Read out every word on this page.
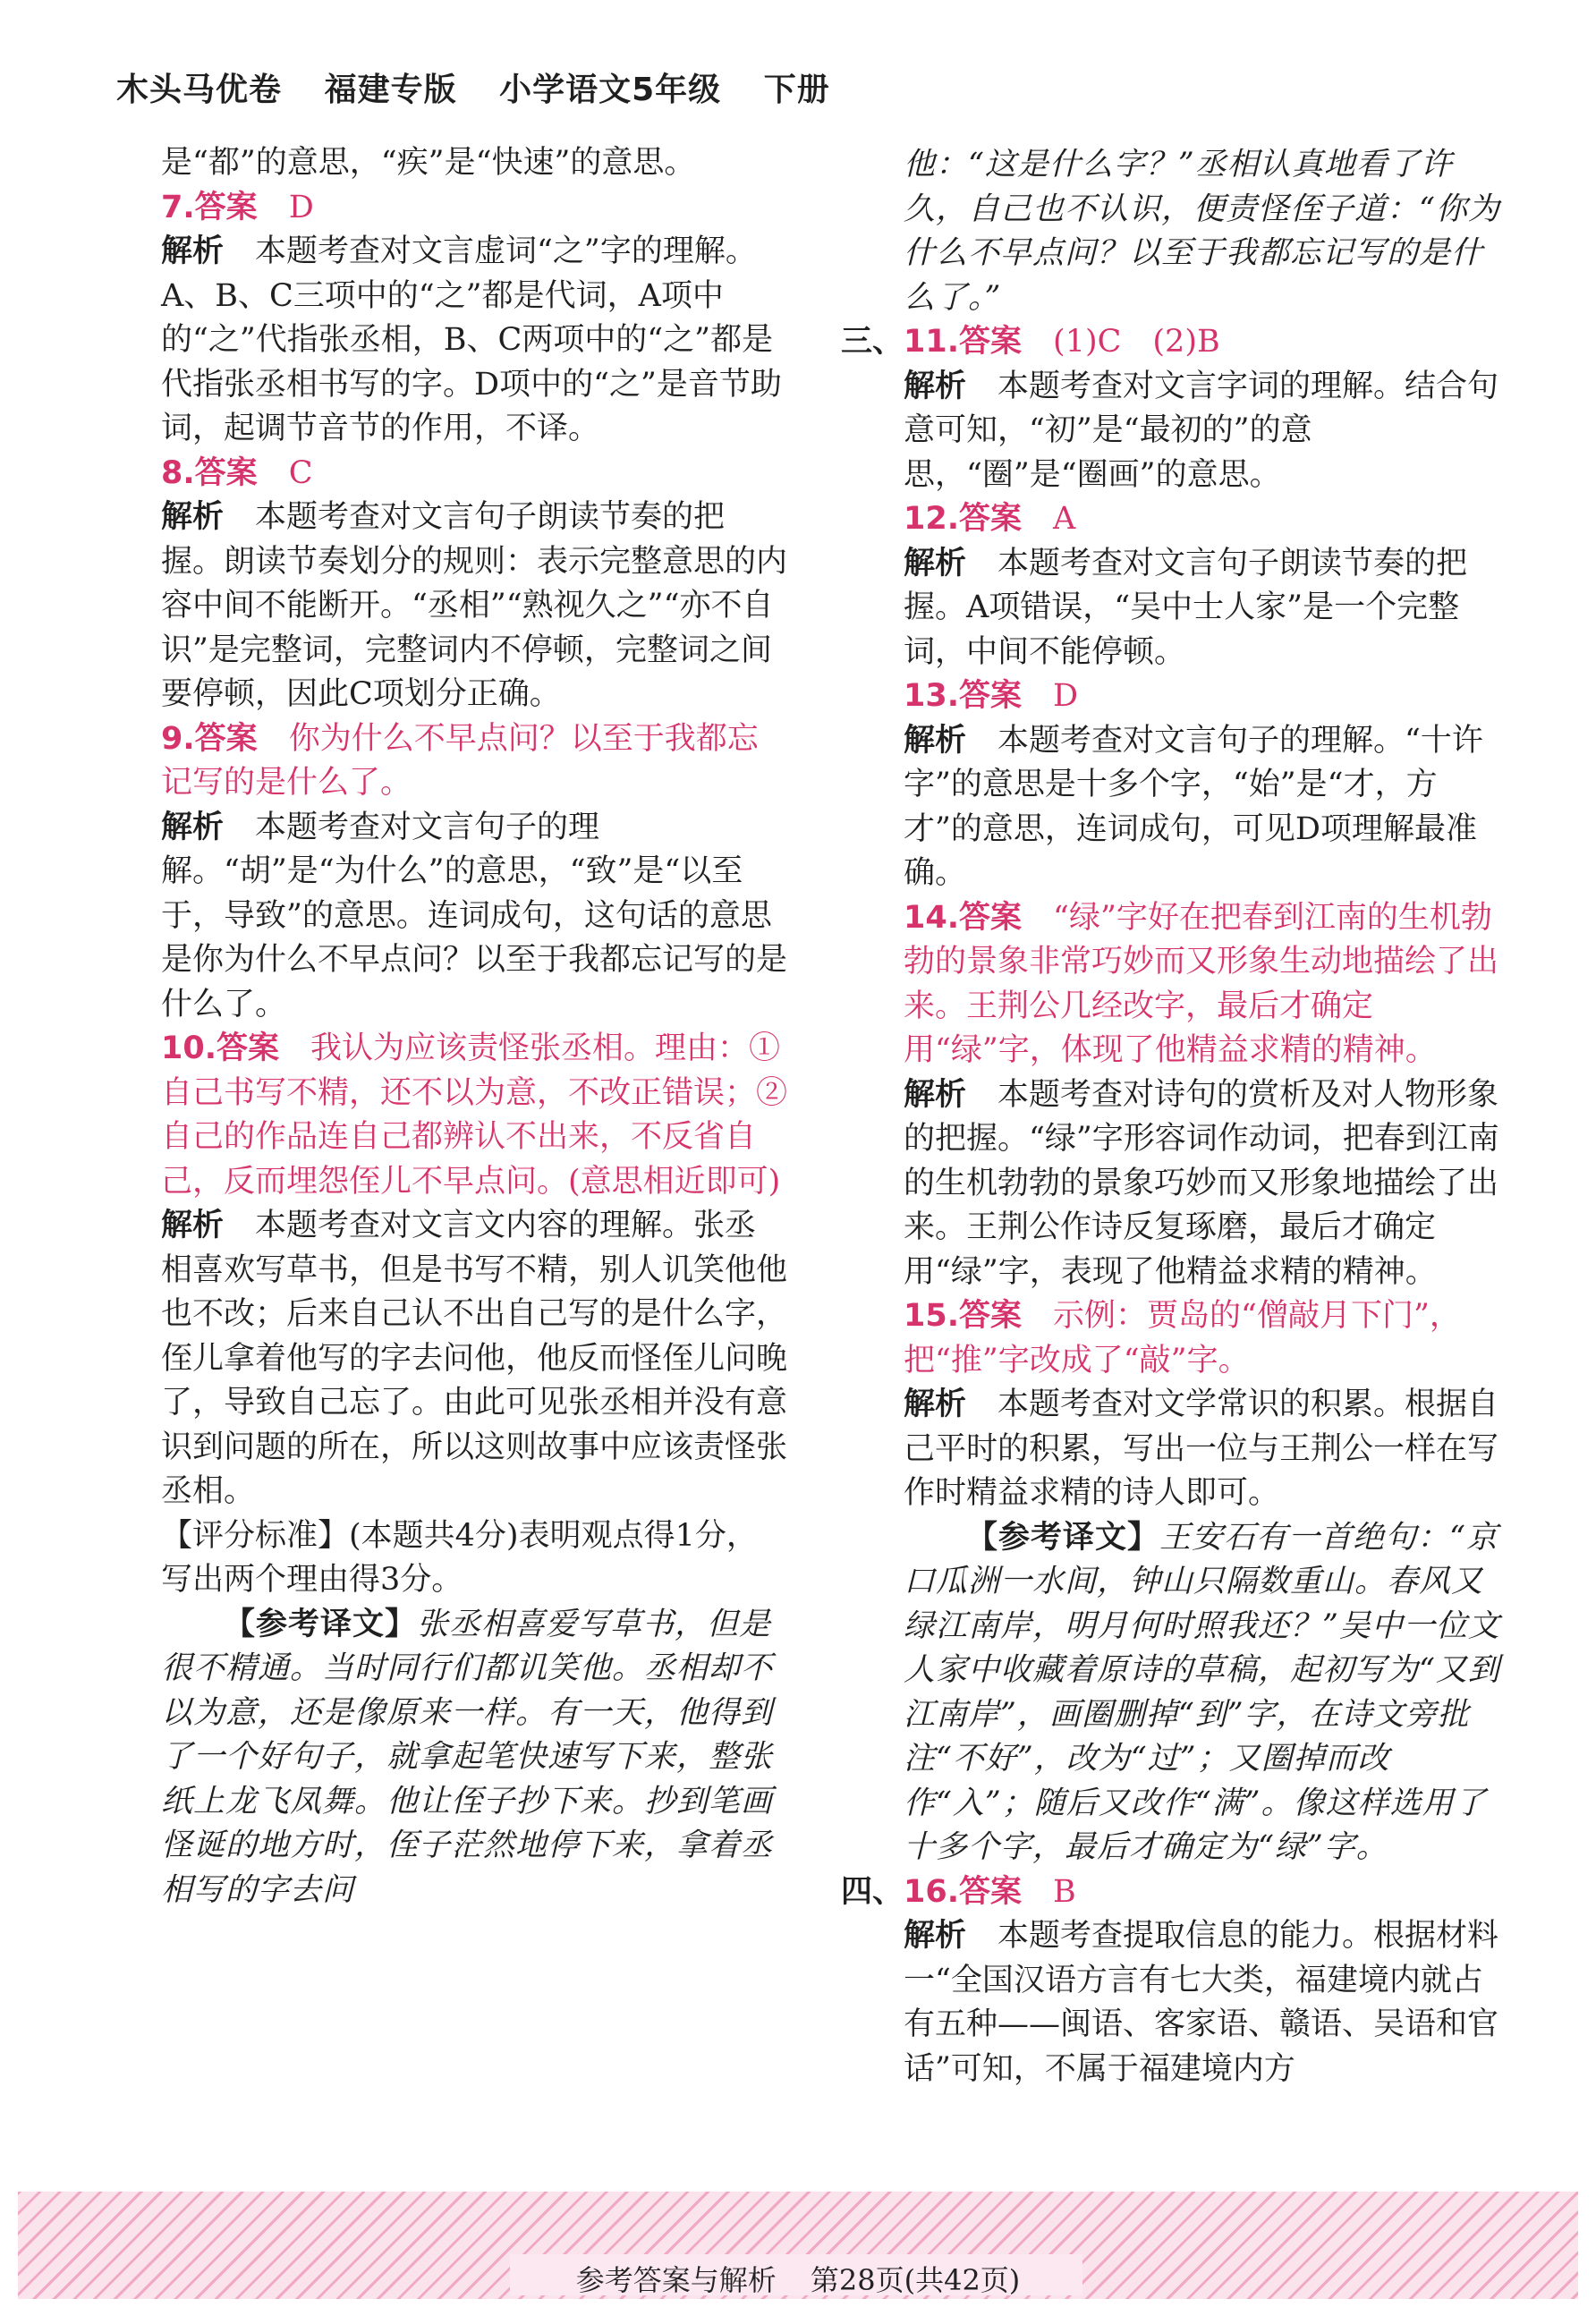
木头马优卷 福建专版 小学语文5年级 下册

是“都”的意思，“疾”是“快速”的意思。

7.答案　 D

解析　 本题考查对文言虚词“之”字的理解。A、B、C三项中的“之”都是代词，A项中的“之”代指张丞相，B、C两项中的“之”都是代指张丞相书写的字。D项中的“之”是音节助词，起调节音节的作用，不译。

8.答案　 C

解析　 本题考查对文言句子朗读节奏的把握。朗读节奏划分的规则：表示完整意思的内容中间不能断开。“丞相”“熟视久之”“亦不自识”是完整词，完整词内不停顿，完整词之间要停顿，因此C项划分正确。

9.答案　 你为什么不早点问？以至于我都忘记写的是什么了。

解析　 本题考查对文言句子的理解。“胡”是“为什么”的意思，“致”是“以至于，导致”的意思。连词成句，这句话的意思是你为什么不早点问？以至于我都忘记写的是什么了。

10.答案　 我认为应该责怪张丞相。理由：①自己书写不精，还不以为意，不改正错误；②自己的作品连自己都辨认不出来，不反省自己，反而埋怨侄儿不早点问。(意思相近即可)

解析　 本题考查对文言文内容的理解。张丞相喜欢写草书，但是书写不精，别人讥笑他他也不改；后来自己认不出自己写的是什么字，侄儿拿着他写的字去问他，他反而怪侄儿问晚了，导致自己忘了。由此可见张丞相并没有意识到问题的所在，所以这则故事中应该责怪张丞相。

【评分标准】(本题共4分)表明观点得1分，写出两个理由得3分。

【参考译文】张丞相喜爱写草书，但是很不精通。当时同行们都讥笑他。丞相却不以为意，还是像原来一样。有一天，他得到了一个好句子，就拿起笔快速写下来，整张纸上龙飞凤舞。他让侄子抄下来。抄到笔画怪诞的地方时，侄子茫然地停下来，拿着丞相写的字去问

他：“这是什么字？”丞相认真地看了许久，自己也不认识，便责怪侄子道：“你为什么不早点问？以至于我都忘记写的是什么了。”

三、11.答案　 (1)C　(2)B

解析　 本题考查对文言字词的理解。结合句意可知，“初”是“最初的”的意思，“圈”是“圈画”的意思。

12.答案　 A

解析　 本题考查对文言句子朗读节奏的把握。A项错误，“吴中士人家”是一个完整词，中间不能停顿。

13.答案　 D

解析　 本题考查对文言句子的理解。“十许字”的意思是十多个字，“始”是“才，方才”的意思，连词成句，可见D项理解最准确。

14.答案　 “绿”字好在把春到江南的生机勃勃的景象非常巧妙而又形象生动地描绘了出来。王荆公几经改字，最后才确定用“绿”字，体现了他精益求精的精神。

解析　 本题考查对诗句的赏析及对人物形象的把握。“绿”字形容词作动词，把春到江南的生机勃勃的景象巧妙而又形象地描绘了出来。王荆公作诗反复琢磨，最后才确定用“绿”字，表现了他精益求精的精神。

15.答案　 示例：贾岛的“僧敲月下门”，把“推”字改成了“敲”字。

解析　 本题考查对文学常识的积累。根据自己平时的积累，写出一位与王荆公一样在写作时精益求精的诗人即可。

【参考译文】王安石有一首绝句：“京口瓜洲一水间，钟山只隔数重山。春风又绿江南岸，明月何时照我还？”吴中一位文人家中收藏着原诗的草稿，起初写为“又到江南岸”，画圈删掉“到”字，在诗文旁批注“不好”，改为“过”；又圈掉而改作“入”；随后又改作“满”。像这样选用了十多个字，最后才确定为“绿”字。

四、16.答案　 B

解析　 本题考查提取信息的能力。根据材料一“全国汉语方言有七大类，福建境内就占有五种——闽语、客家语、赣语、吴语和官话”可知，不属于福建境内方

参考答案与解析 第28页(共42页)
